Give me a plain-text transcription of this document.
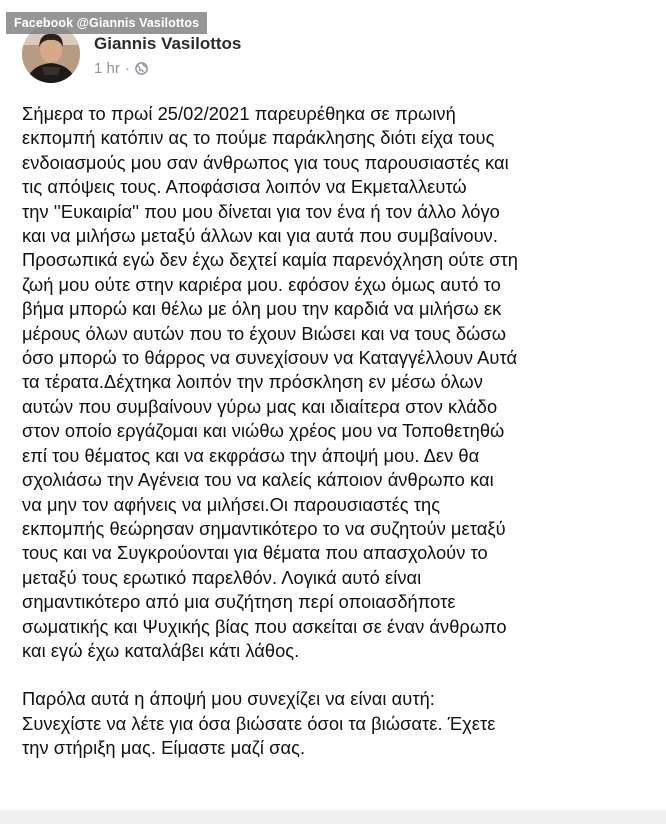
Facebook @Giannis Vasilottos
Giannis Vasilottos
1 hr ·
Σήμερα το πρωί 25/02/2021 παρευρέθηκα σε πρωινή
εκπομπή κατόπιν ας το πούμε παράκλησης διότι είχα τους
ενδοιασμούς μου σαν άνθρωπος για τους παρουσιαστές και
τις απόψεις τους. Αποφάσισα λοιπόν να Εκμεταλλευτώ
την ''Ευκαιρία'' που μου δίνεται για τον ένα ή τον άλλο λόγο
και να μιλήσω μεταξύ άλλων και για αυτά που συμβαίνουν.
Προσωπικά εγώ δεν έχω δεχτεί καμία παρενόχληση ούτε στη
ζωή μου ούτε στην καριέρα μου. εφόσον έχω όμως αυτό το
βήμα μπορώ και θέλω με όλη μου την καρδιά να μιλήσω εκ
μέρους όλων αυτών που το έχουν Βιώσει και να τους δώσω
όσο μπορώ το θάρρος να συνεχίσουν να Καταγγέλλουν Αυτά
τα τέρατα.Δέχτηκα λοιπόν την πρόσκληση εν μέσω όλων
αυτών που συμβαίνουν γύρω μας και ιδιαίτερα στον κλάδο
στον οποίο εργάζομαι και νιώθω χρέος μου να Τοποθετηθώ
επί του θέματος και να εκφράσω την άποψή μου. Δεν θα
σχολιάσω την Αγένεια του να καλείς κάποιον άνθρωπο και
να μην τον αφήνεις να μιλήσει.Οι παρουσιαστές της
εκπομπής θεώρησαν σημαντικότερο το να συζητούν μεταξύ
τους και να Συγκρούονται για θέματα που απασχολούν το
μεταξύ τους ερωτικό παρελθόν. Λογικά αυτό είναι
σημαντικότερο από μια συζήτηση περί οποιασδήποτε
σωματικής και Ψυχικής βίας που ασκείται σε έναν άνθρωπο
και εγώ έχω καταλάβει κάτι λάθος.
Παρόλα αυτά η άποψή μου συνεχίζει να είναι αυτή:
Συνεχίστε να λέτε για όσα βιώσατε όσοι τα βιώσατε. Έχετε
την στήριξη μας. Είμαστε μαζί σας.
